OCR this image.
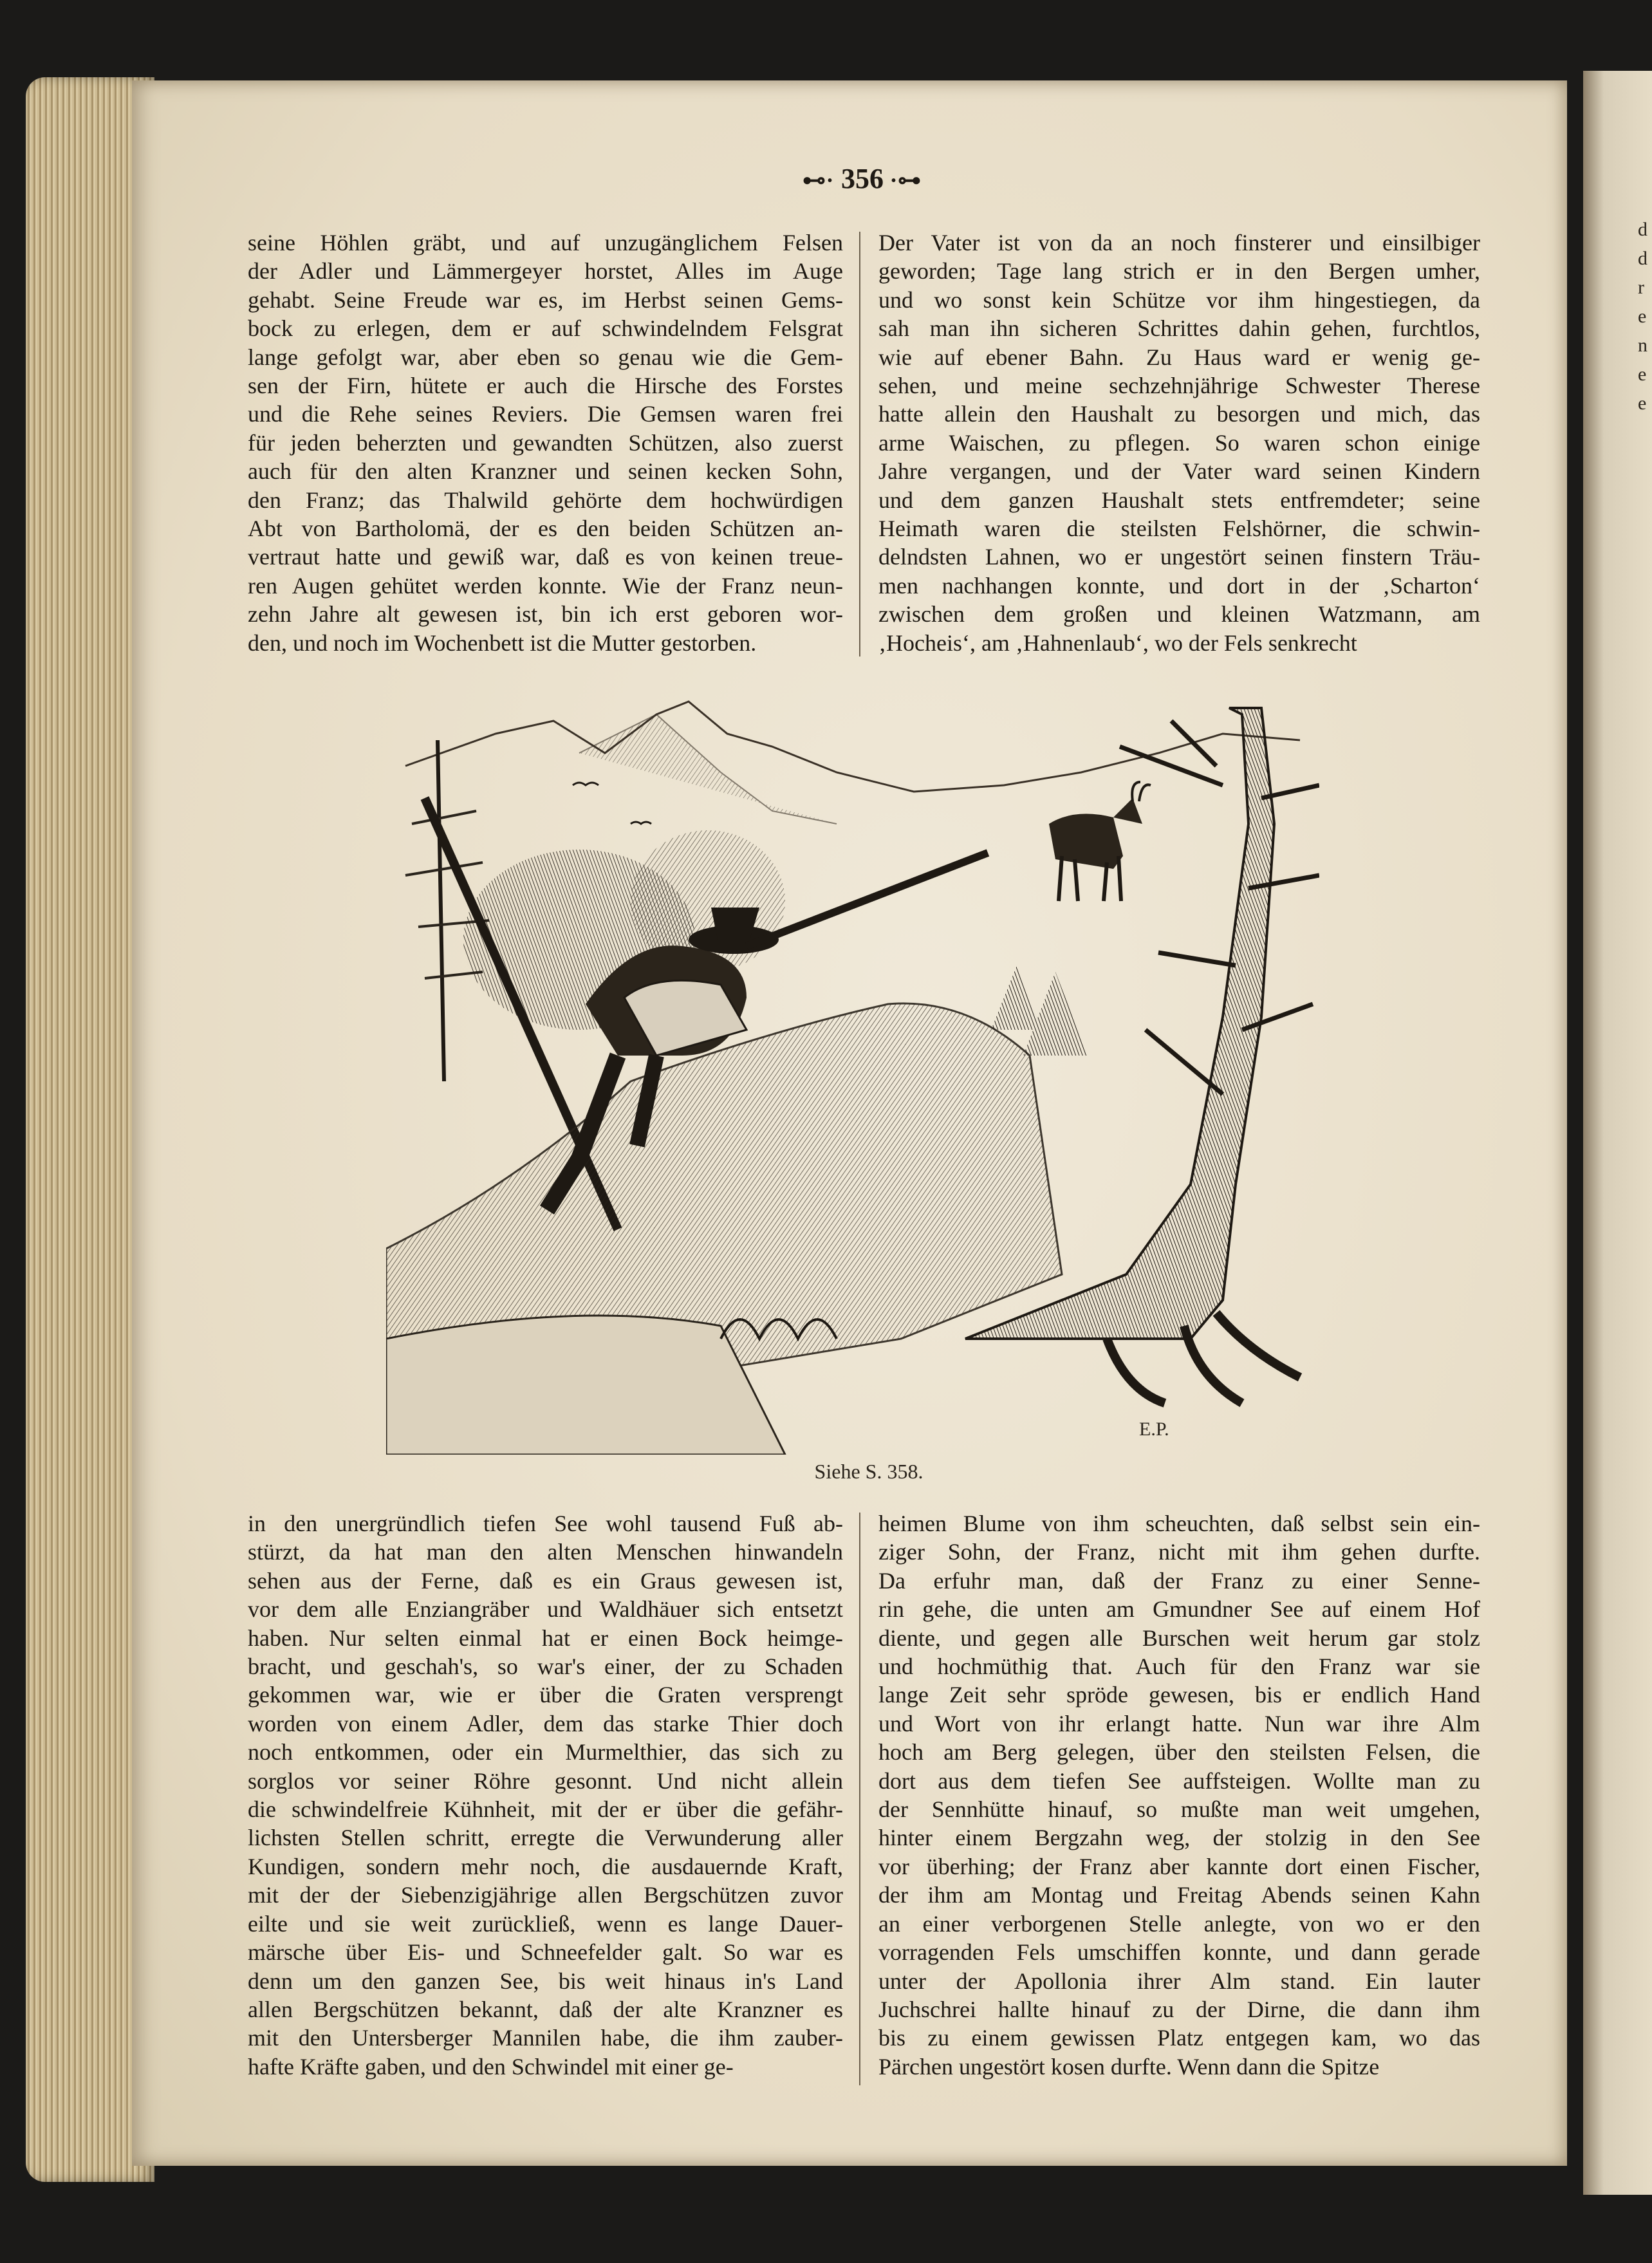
d
d
r
e
n
e
e
⊷∙ 356 ∙⊶
seine Höhlen gräbt, und auf unzugänglichem Felsen
der Adler und Lämmergeyer horstet, Alles im Auge
gehabt. Seine Freude war es, im Herbst seinen Gems-
bock zu erlegen, dem er auf schwindelndem Felsgrat
lange gefolgt war, aber eben so genau wie die Gem-
sen der Firn, hütete er auch die Hirsche des Forstes
und die Rehe seines Reviers. Die Gemsen waren frei
für jeden beherzten und gewandten Schützen, also zuerst
auch für den alten Kranzner und seinen kecken Sohn,
den Franz; das Thalwild gehörte dem hochwürdigen
Abt von Bartholomä, der es den beiden Schützen an-
vertraut hatte und gewiß war, daß es von keinen treue-
ren Augen gehütet werden konnte. Wie der Franz neun-
zehn Jahre alt gewesen ist, bin ich erst geboren wor-
den, und noch im Wochenbett ist die Mutter gestorben.
Der Vater ist von da an noch finsterer und einsilbiger
geworden; Tage lang strich er in den Bergen umher,
und wo sonst kein Schütze vor ihm hingestiegen, da
sah man ihn sicheren Schrittes dahin gehen, furchtlos,
wie auf ebener Bahn. Zu Haus ward er wenig ge-
sehen, und meine sechzehnjährige Schwester Therese
hatte allein den Haushalt zu besorgen und mich, das
arme Waischen, zu pflegen. So waren schon einige
Jahre vergangen, und der Vater ward seinen Kindern
und dem ganzen Haushalt stets entfremdeter; seine
Heimath waren die steilsten Felshörner, die schwin-
delndsten Lahnen, wo er ungestört seinen finstern Träu-
men nachhangen konnte, und dort in der ‚Scharton‘
zwischen dem großen und kleinen Watzmann, am
‚Hocheis‘, am ‚Hahnenlaub‘, wo der Fels senkrecht
E.P.
Siehe S. 358.
in den unergründlich tiefen See wohl tausend Fuß ab-
stürzt, da hat man den alten Menschen hinwandeln
sehen aus der Ferne, daß es ein Graus gewesen ist,
vor dem alle Enziangräber und Waldhäuer sich entsetzt
haben. Nur selten einmal hat er einen Bock heimge-
bracht, und geschah's, so war's einer, der zu Schaden
gekommen war, wie er über die Graten versprengt
worden von einem Adler, dem das starke Thier doch
noch entkommen, oder ein Murmelthier, das sich zu
sorglos vor seiner Röhre gesonnt. Und nicht allein
die schwindelfreie Kühnheit, mit der er über die gefähr-
lichsten Stellen schritt, erregte die Verwunderung aller
Kundigen, sondern mehr noch, die ausdauernde Kraft,
mit der der Siebenzigjährige allen Bergschützen zuvor
eilte und sie weit zurückließ, wenn es lange Dauer-
märsche über Eis- und Schneefelder galt. So war es
denn um den ganzen See, bis weit hinaus in's Land
allen Bergschützen bekannt, daß der alte Kranzner es
mit den Untersberger Mannilen habe, die ihm zauber-
hafte Kräfte gaben, und den Schwindel mit einer ge-
heimen Blume von ihm scheuchten, daß selbst sein ein-
ziger Sohn, der Franz, nicht mit ihm gehen durfte.
Da erfuhr man, daß der Franz zu einer Senne-
rin gehe, die unten am Gmundner See auf einem Hof
diente, und gegen alle Burschen weit herum gar stolz
und hochmüthig that. Auch für den Franz war sie
lange Zeit sehr spröde gewesen, bis er endlich Hand
und Wort von ihr erlangt hatte. Nun war ihre Alm
hoch am Berg gelegen, über den steilsten Felsen, die
dort aus dem tiefen See auffsteigen. Wollte man zu
der Sennhütte hinauf, so mußte man weit umgehen,
hinter einem Bergzahn weg, der stolzig in den See
vor überhing; der Franz aber kannte dort einen Fischer,
der ihm am Montag und Freitag Abends seinen Kahn
an einer verborgenen Stelle anlegte, von wo er den
vorragenden Fels umschiffen konnte, und dann gerade
unter der Apollonia ihrer Alm stand. Ein lauter
Juchschrei hallte hinauf zu der Dirne, die dann ihm
bis zu einem gewissen Platz entgegen kam, wo das
Pärchen ungestört kosen durfte. Wenn dann die Spitze
